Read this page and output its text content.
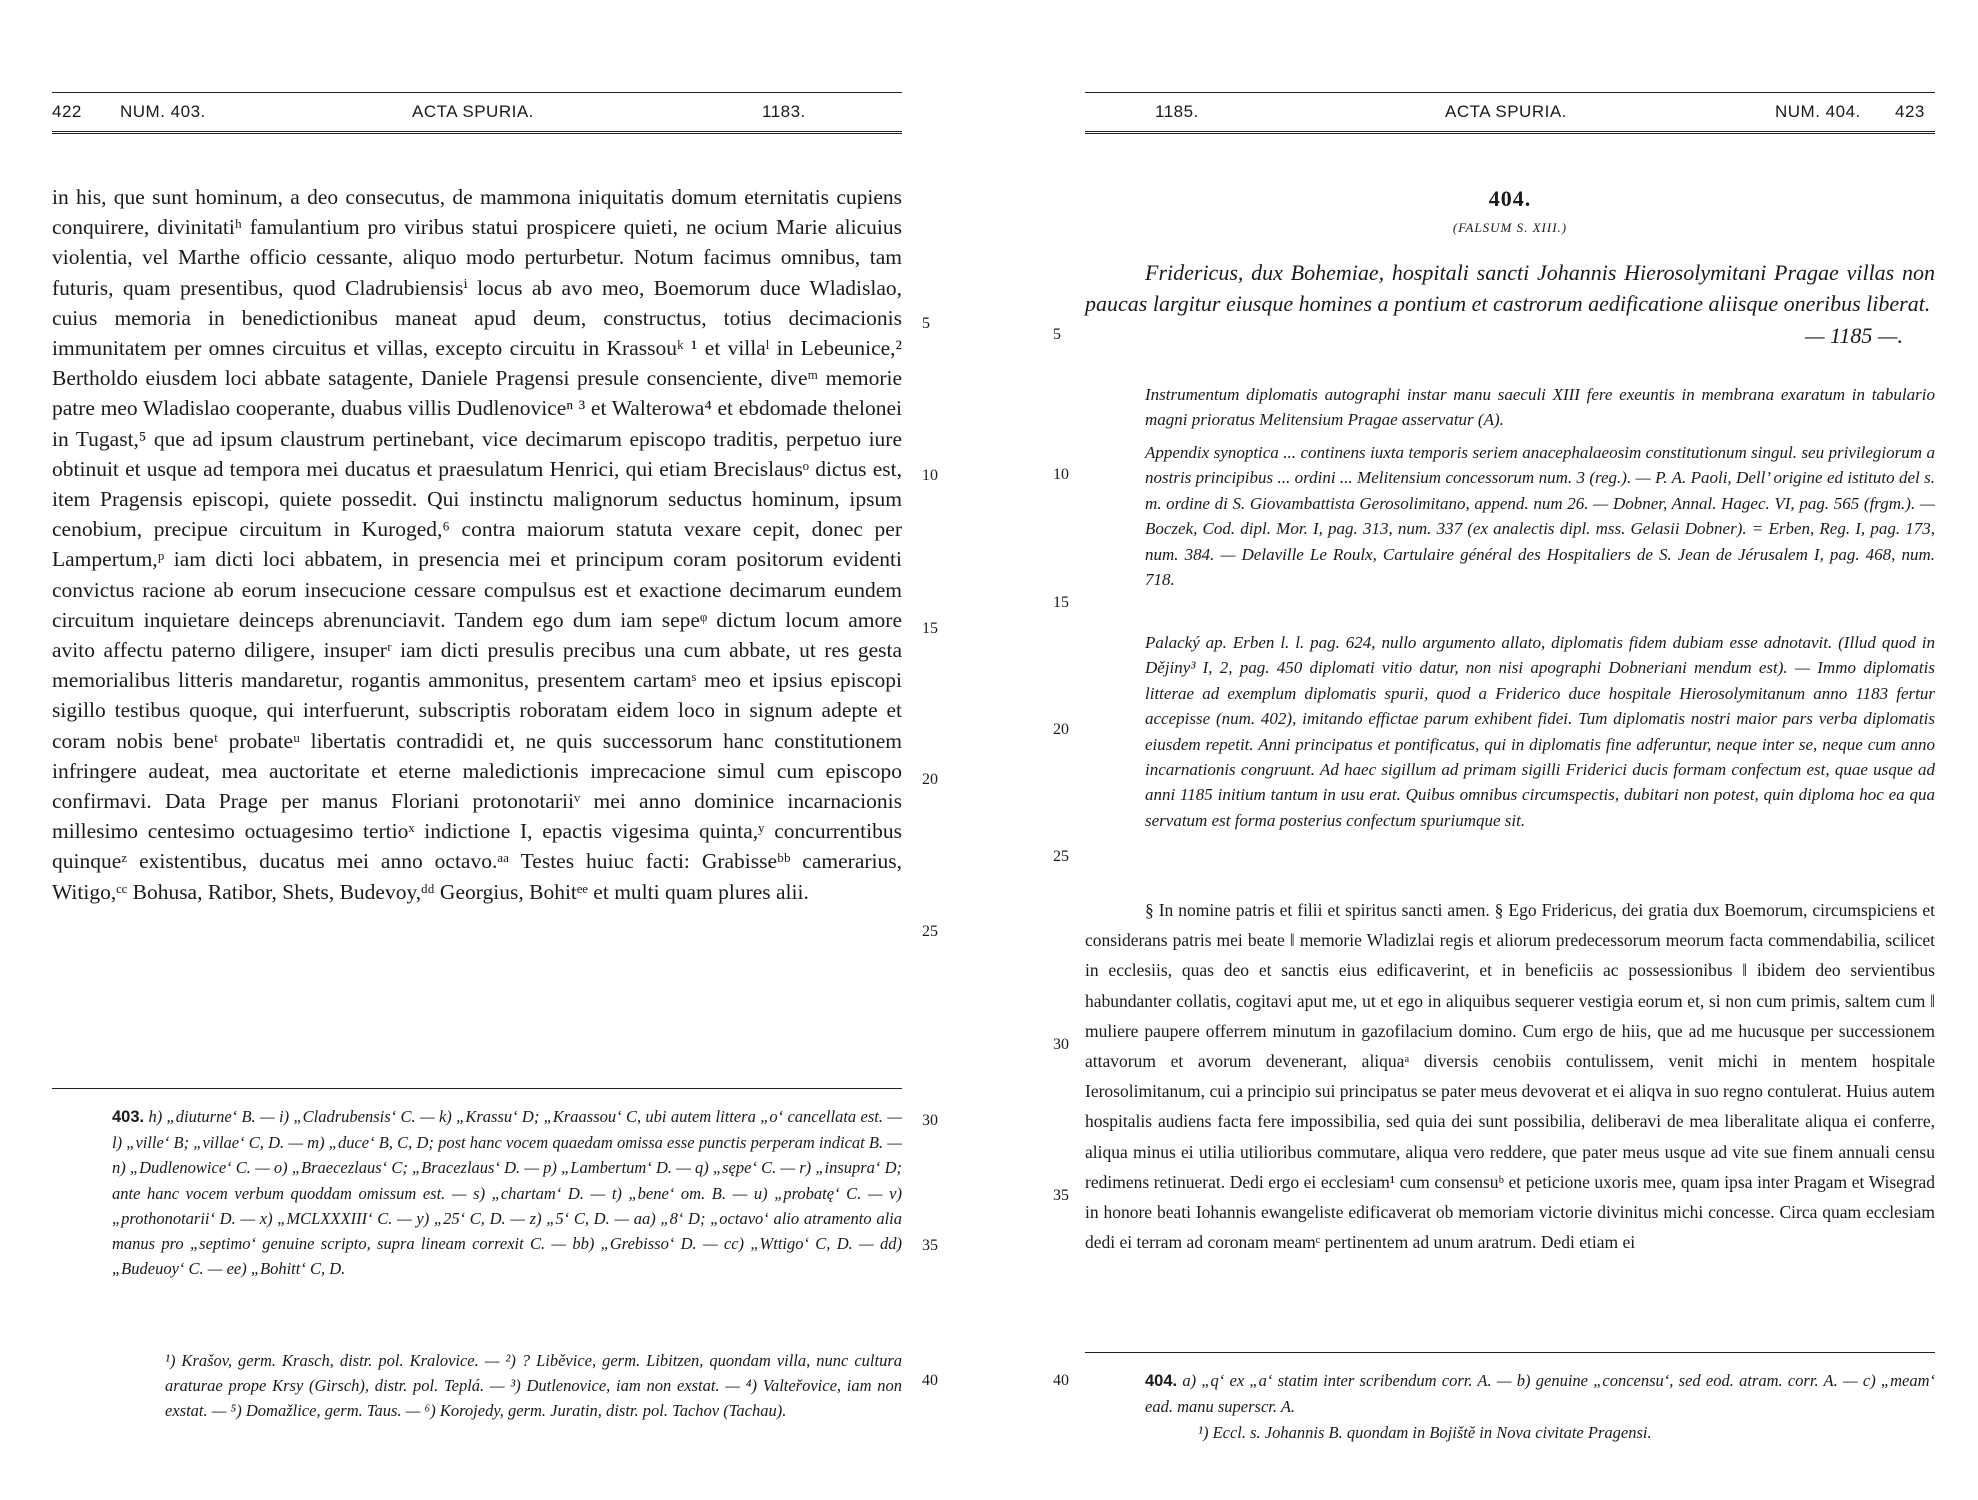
422 NUM. 403.	ACTA SPURIA.	1183.

in his, que sunt hominum, a deo consecutus, de mammona iniquitatis domum eternitatis cupiens conquirere, divinitatiʰ famulantium pro viribus statui prospicere quieti, ne ocium Marie alicuius violentia, vel Marthe officio cessante, aliquo modo perturbetur. Notum facimus omnibus, tam futuris, quam presentibus, quod Cladrubiensisⁱ locus ab avo meo, Boemorum duce Wladislao, cuius memoria in benedictionibus maneat apud deum, constructus, totius decimacionis immunitatem per omnes circuitus et villas, excepto circuitu in Krassouᵏ ¹ et villaˡ in Lebeunice,² Bertholdo eiusdem loci abbate satagente, Daniele Pragensi presule consenciente, diveᵐ memorie patre meo Wladislao cooperante, duabus villis Dudlenoviceⁿ ³ et Walterowa⁴ et ebdomade thelonei in Tugast,⁵ que ad ipsum claustrum pertinebant, vice decimarum episcopo traditis, perpetuo iure obtinuit et usque ad tempora mei ducatus et praesulatum Henrici, qui etiam Brecislausᵒ dictus est, item Pragensis episcopi, quiete possedit. Qui instinctu malignorum seductus hominum, ipsum cenobium, precipue circuitum in Kuroged,⁶ contra maiorum statuta vexare cepit, donec per Lampertum,ᵖ iam dicti loci abbatem, in presencia mei et principum coram positorum evidenti convictus racione ab eorum insecucione cessare compulsus est et exactione decimarum eundem circuitum inquietare deinceps abrenunciavit. Tandem ego dum iam sepeᵠ dictum locum amore avito affectu paterno diligere, insuperʳ iam dicti presulis precibus una cum abbate, ut res gesta memorialibus litteris mandaretur, rogantis ammonitus, presentem cartamˢ meo et ipsius episcopi sigillo testibus quoque, qui interfuerunt, subscriptis roboratam eidem loco in signum adepte et coram nobis beneᵗ probateᵘ libertatis contradidi et, ne quis successorum hanc constitutionem infringere audeat, mea auctoritate et eterne maledictionis imprecacione simul cum episcopo confirmavi. Data Prage per manus Floriani protonotariiᵛ mei anno dominice incarnacionis millesimo centesimo octuagesimo tertioˣ indictione I, epactis vigesima quinta,ʸ concurrentibus quinqueᶻ existentibus, ducatus mei anno octavo.ᵃᵃ Testes huiuc facti: Grabisseᵇᵇ camerarius, Witigo,ᶜᶜ Bohusa, Ratibor, Shets, Budevoy,ᵈᵈ Georgius, Bohitᵉᵉ et multi quam plures alii.

5
10
15
20
25
30
35
40

403. h) „diuturne‘ B. — i) „Cladrubensis‘ C. — k) „Krassu‘ D; „Kraassou‘ C, ubi autem littera „o‘ cancellata est. — l) „ville‘ B; „villae‘ C, D. — m) „duce‘ B, C, D; post hanc vocem quaedam omissa esse punctis perperam indicat B. — n) „Dudlenowice‘ C. — o) „Braecezlaus‘ C; „Bracezlaus‘ D. — p) „Lambertum‘ D. — q) „sępe‘ C. — r) „insupra‘ D; ante hanc vocem verbum quoddam omissum est. — s) „chartam‘ D. — t) „bene‘ om. B. — u) „probatę‘ C. — v) „prothonotarii‘ D. — x) „MCLXXXIII‘ C. — y) „25‘ C, D. — z) „5‘ C, D. — aa) „8‘ D; „octavo‘ alio atramento alia manus pro „septimo‘ genuine scripto, supra lineam correxit C. — bb) „Grebisso‘ D. — cc) „Wttigo‘ C, D. — dd) „Budeuoy‘ C. — ee) „Bohitt‘ C, D.

¹) Krašov, germ. Krasch, distr. pol. Kralovice. — ²) ? Liběvice, germ. Libitzen, quondam villa, nunc cultura araturae prope Krsy (Girsch), distr. pol. Teplá. — ³) Dutlenovice, iam non exstat. — ⁴) Valteřovice, iam non exstat. — ⁵) Domažlice, germ. Taus. — ⁶) Korojedy, germ. Juratin, distr. pol. Tachov (Tachau).

1185.	ACTA SPURIA.	NUM. 404. 423
404.
(FALSUM S. XIII.)

Fridericus, dux Bohemiae, hospitali sancti Johannis Hierosolymitani Pragae villas non paucas largitur eiusque homines a pontium et castrorum aedificatione aliisque oneribus liberat.

— 1185 —.

Instrumentum diplomatis autographi instar manu saeculi XIII fere exeuntis in membrana exaratum in tabulario magni prioratus Melitensium Pragae asservatur (A).

Appendix synoptica ... continens iuxta temporis seriem anacephalaeosim constitutionum singul. seu privilegiorum a nostris principibus ... ordini ... Melitensium concessorum num. 3 (reg.). — P. A. Paoli, Dell’ origine ed istituto del s. m. ordine di S. Giovambattista Gerosolimitano, append. num 26. — Dobner, Annal. Hagec. VI, pag. 565 (frgm.). — Boczek, Cod. dipl. Mor. I, pag. 313, num. 337 (ex analectis dipl. mss. Gelasii Dobner). = Erben, Reg. I, pag. 173, num. 384. — Delaville Le Roulx, Cartulaire général des Hospitaliers de S. Jean de Jérusalem I, pag. 468, num. 718.

Palacký ap. Erben l. l. pag. 624, nullo argumento allato, diplomatis fidem dubiam esse adnotavit. (Illud quod in Dějiny³ I, 2, pag. 450 diplomati vitio datur, non nisi apographi Dobneriani mendum est). — Immo diplomatis litterae ad exemplum diplomatis spurii, quod a Friderico duce hospitale Hierosolymitanum anno 1183 fertur accepisse (num. 402), imitando effictae parum exhibent fidei. Tum diplomatis nostri maior pars verba diplomatis eiusdem repetit. Anni principatus et pontificatus, qui in diplomatis fine adferuntur, neque inter se, neque cum anno incarnationis congruunt. Ad haec sigillum ad primam sigilli Friderici ducis formam confectum est, quae usque ad anni 1185 initium tantum in usu erat. Quibus omnibus circumspectis, dubitari non potest, quin diploma hoc ea qua servatum est forma posterius confectum spuriumque sit.

§ In nomine patris et filii et spiritus sancti amen. § Ego Fridericus, dei gratia dux Boemorum, circumspiciens et considerans patris mei beate ‖ memorie Wladizlai regis et aliorum predecessorum meorum facta commendabilia, scilicet in ecclesiis, quas deo et sanctis eius edificaverint, et in beneficiis ac possessionibus ‖ ibidem deo servientibus habundanter collatis, cogitavi aput me, ut et ego in aliquibus sequerer vestigia eorum et, si non cum primis, saltem cum ‖ muliere paupere offerrem minutum in gazofilacium domino. Cum ergo de hiis, que ad me hucusque per successionem attavorum et avorum devenerant, aliquaᵃ diversis cenobiis contulissem, venit michi in mentem hospitale Ierosolimitanum, cui a principio sui principatus se pater meus devoverat et ei aliqva in suo regno contulerat. Huius autem hospitalis audiens facta fere impossibilia, sed quia dei sunt possibilia, deliberavi de mea liberalitate aliqua ei conferre, aliqua minus ei utilia utilioribus commutare, aliqua vero reddere, que pater meus usque ad vite sue finem annuali censu redimens retinuerat. Dedi ergo ei ecclesiam¹ cum consensuᵇ et peticione uxoris mee, quam ipsa inter Pragam et Wisegrad in honore beati Iohannis ewangeliste edificaverat ob memoriam victorie divinitus michi concesse. Circa quam ecclesiam dedi ei terram ad coronam meamᶜ pertinentem ad unum aratrum. Dedi etiam ei

5
10
15
20
25
30
35
40	404. a) „q‘ ex „a‘ statim inter scribendum corr. A. — b) genuine „concensu‘, sed eod. atram. corr. A. — c) „meam‘ ead. manu superscr. A.

¹) Eccl. s. Johannis B. quondam in Bojiště in Nova civitate Pragensi.
